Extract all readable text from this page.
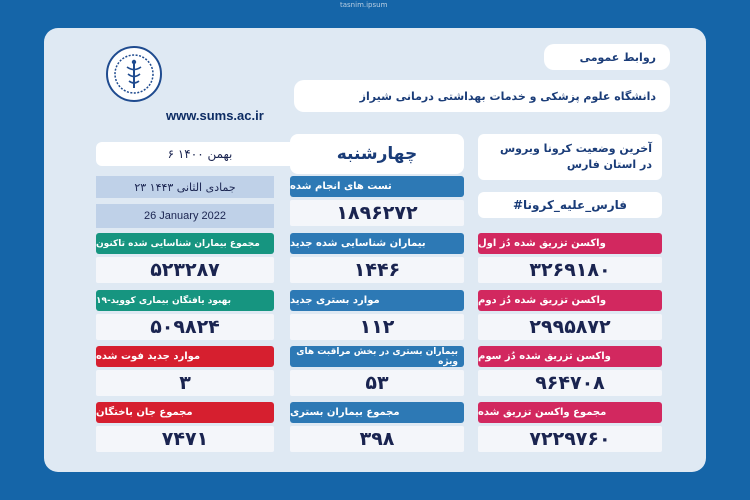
tasnim.ipsum
روابط عمومی
دانشگاه علوم پزشکی و خدمات بهداشتی درمانی شیراز
www.sums.ac.ir
چهارشنبه
۶ بهمن ۱۴۰۰
۲۳ جمادی الثانی ۱۴۴۳
26 January 2022
آخرین وضعیت کرونا ویروس
در استان فارس
#فارس_علیه_کرونا
تست های انجام شده
۱۸۹۶۲۷۲
واکسن تزریق شده دُز اول
۳۲۶۹۱۸۰
واکسن تزریق شده دُز دوم
۲۹۹۵۸۷۲
واکسن تزریق شده دُز سوم
۹۶۴۷۰۸
مجموع واکسن تزریق شده
۷۲۲۹۷۶۰
بیماران شناسایی شده جدید
۱۴۴۶
موارد بستری جدید
۱۱۲
بیماران بستری در بخش مراقبت های ویژه
۵۳
مجموع بیماران بستری
۳۹۸
مجموع بیماران شناسایی شده تاکنون
۵۲۳۲۸۷
بهبود یافتگان بیماری کووید-۱۹
۵۰۹۸۲۴
موارد جدید فوت شده
۳
مجموع جان باختگان
۷۴۷۱
